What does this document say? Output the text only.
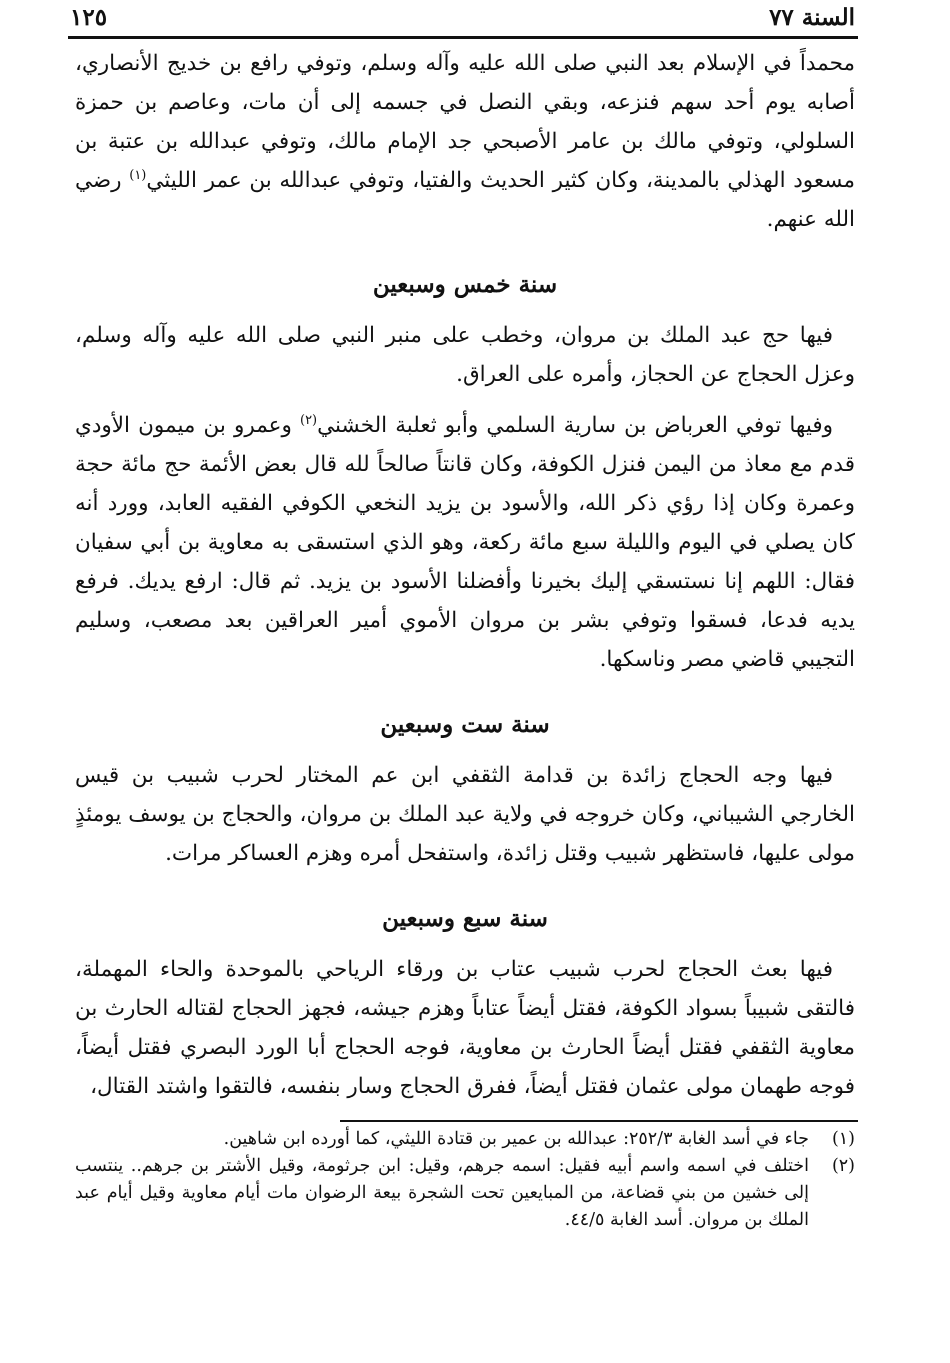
السنة ٧٧
١٢٥

محمداً في الإسلام بعد النبي صلى الله عليه وآله وسلم، وتوفي رافع بن خديج الأنصاري، أصابه يوم أحد سهم فنزعه، وبقي النصل في جسمه إلى أن مات، وعاصم بن حمزة السلولي، وتوفي مالك بن عامر الأصبحي جد الإمام مالك، وتوفي عبدالله بن عتبة بن مسعود الهذلي بالمدينة، وكان كثير الحديث والفتيا، وتوفي عبدالله بن عمر الليثي$^{(١)}$ رضي الله عنهم.

سنة خمس وسبعين

فيها حج عبد الملك بن مروان، وخطب على منبر النبي صلى الله عليه وآله وسلم، وعزل الحجاج عن الحجاز، وأمره على العراق.

وفيها توفي العرباض بن سارية السلمي وأبو ثعلبة الخشني$^{(٢)}$ وعمرو بن ميمون الأودي قدم مع معاذ من اليمن فنزل الكوفة، وكان قانتاً صالحاً لله قال بعض الأئمة حج مائة حجة وعمرة وكان إذا رؤي ذكر الله، والأسود بن يزيد النخعي الكوفي الفقيه العابد، وورد أنه كان يصلي في اليوم والليلة سبع مائة ركعة، وهو الذي استسقى به معاوية بن أبي سفيان فقال: اللهم إنا نستسقي إليك بخيرنا وأفضلنا الأسود بن يزيد. ثم قال: ارفع يديك. فرفع يديه فدعا، فسقوا وتوفي بشر بن مروان الأموي أمير العراقين بعد مصعب، وسليم التجيبي قاضي مصر وناسكها.

سنة ست وسبعين

فيها وجه الحجاج زائدة بن قدامة الثقفي ابن عم المختار لحرب شبيب بن قيس الخارجي الشيباني، وكان خروجه في ولاية عبد الملك بن مروان، والحجاج بن يوسف يومئذٍ مولى عليها، فاستظهر شبيب وقتل زائدة، واستفحل أمره وهزم العساكر مرات.

سنة سبع وسبعين

فيها بعث الحجاج لحرب شبيب عتاب بن ورقاء الرياحي بالموحدة والحاء المهملة، فالتقى شبيباً بسواد الكوفة، فقتل أيضاً عتاباً وهزم جيشه، فجهز الحجاج لقتاله الحارث بن معاوية الثقفي فقتل أيضاً الحارث بن معاوية، فوجه الحجاج أبا الورد البصري فقتل أيضاً، فوجه طهمان مولى عثمان فقتل أيضاً، ففرق الحجاج وسار بنفسه، فالتقوا واشتد القتال،

(١)
جاء في أسد الغابة ٢٥٢/٣: عبدالله بن عمير بن قتادة الليثي، كما أورده ابن شاهين.
(٢)
اختلف في اسمه واسم أبيه فقيل: اسمه جرهم، وقيل: ابن جرثومة، وقيل الأشتر بن جرهم.. ينتسب إلى خشين من بني قضاعة، من المبايعين تحت الشجرة بيعة الرضوان مات أيام معاوية وقيل أيام عبد الملك بن مروان. أسد الغابة ٤٤/٥.
